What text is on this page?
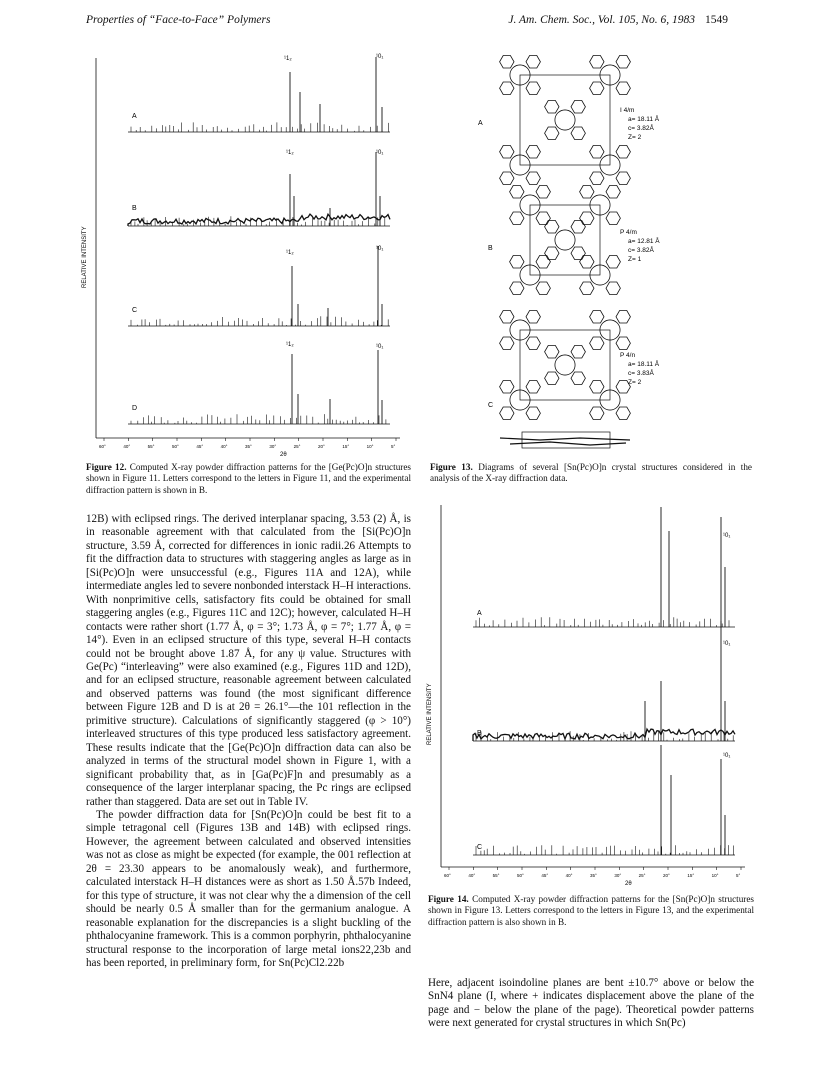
Properties of “Face-to-Face” Polymers	J. Am. Chem. Soc., Vol. 105, No. 6, 1983 1549
RELATIVE INTENSITY
2θ
60°	40°	55°	50°	45°	40°	35°	30°	25°	20°	15°	10°	5°
A
B
C
D
¹1₂	¹0₁
¹1₂	¹0₁
¹1₂
¹0₁
¹1₂	¹0₁
Figure 12. Computed X-ray powder diffraction patterns for the [Ge(Pc)O]n structures shown in Figure 11. Letters correspond to the letters in Figure 11, and the experimental diffraction pattern is shown in B.
A
B
C
I 4/m
a= 18.11 Å
c= 3.82Å
Z= 2
P 4/m
a= 12.81 Å
c= 3.82Å
Z= 1
P 4/n
a= 18.11 Å
c= 3.83Å
Z= 2
Figure 13. Diagrams of several [Sn(Pc)O]n crystal structures considered in the analysis of the X-ray diffraction data.
RELATIVE INTENSITY
2θ
60°	40°	55°	50°	45°	40°	35°	30°	25°	20°	15°	10°	5°
A
B
C
¹0₁
¹0₁
¹0₁
Figure 14. Computed X-ray powder diffraction patterns for the [Sn(Pc)O]n structures shown in Figure 13. Letters correspond to the letters in Figure 13, and the experimental diffraction pattern is also shown in B.

12B) with eclipsed rings. The derived interplanar spacing, 3.53 (2) Å, is in reasonable agreement with that calculated from the [Si(Pc)O]n structure, 3.59 Å, corrected for differences in ionic radii.26 Attempts to fit the diffraction data to structures with staggering angles as large as in [Si(Pc)O]n were unsuccessful (e.g., Figures 11A and 12A), while intermediate angles led to severe nonbonded interstack H–H interactions. With nonprimitive cells, satisfactory fits could be obtained for small staggering angles (e.g., Figures 11C and 12C); however, calculated H–H contacts were rather short (1.77 Å, φ = 3°; 1.73 Å, φ = 7°; 1.77 Å, φ = 14°). Even in an eclipsed structure of this type, several H–H contacts could not be brought above 1.87 Å, for any ψ value. Structures with Ge(Pc) “interleaving” were also examined (e.g., Figures 11D and 12D), and for an eclipsed structure, reasonable agreement between calculated and observed patterns was found (the most significant difference between Figure 12B and D is at 2θ = 26.1°—the 101 reflection in the primitive structure). Calculations of significantly staggered (φ > 10°) interleaved structures of this type produced less satisfactory agreement. These results indicate that the [Ge(Pc)O]n diffraction data can also be analyzed in terms of the structural model shown in Figure 1, with a significant probability that, as in [Ga(Pc)F]n and presumably as a consequence of the larger interplanar spacing, the Pc rings are eclipsed rather than staggered. Data are set out in Table IV.

The powder diffraction data for [Sn(Pc)O]n could be best fit to a simple tetragonal cell (Figures 13B and 14B) with eclipsed rings. However, the agreement between calculated and observed intensities was not as close as might be expected (for example, the 001 reflection at 2θ = 23.30 appears to be anomalously weak), and furthermore, calculated interstack H–H distances were as short as 1.50 Å.57b Indeed, for this type of structure, it was not clear why the a dimension of the cell should be nearly 0.5 Å smaller than for the germanium analogue. A reasonable explanation for the discrepancies is a slight buckling of the phthalocyanine framework. This is a common porphyrin, phthalocyanine structural response to the incorporation of large metal ions22,23b and has been reported, in preliminary form, for Sn(Pc)Cl2.22b

Here, adjacent isoindoline planes are bent ±10.7° above or below the SnN4 plane (I, where + indicates displacement above the plane of the page and − below the plane of the page). Theoretical powder patterns were next generated for crystal structures in which Sn(Pc)
